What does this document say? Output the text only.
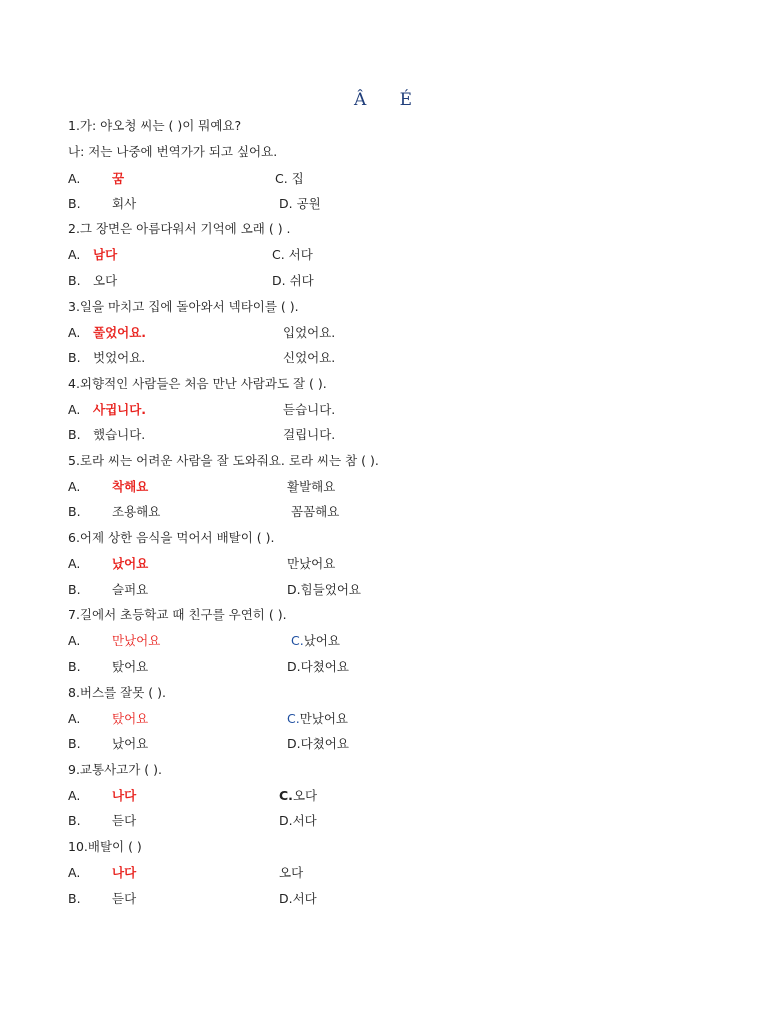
Â É
1.가: 야오청 씨는 ( )이 뭐예요?
나: 저는 나중에 번역가가 되고 싶어요.
A.	꿈	C. 집
B.	회사	D. 공원
2.그 장면은 아름다워서 기억에 오래 ( ) .
A. 남다	C. 서다
B. 오다	D. 쉬다
3.일을 마치고 집에 돌아와서 넥타이를 ( ).
A. 풀었어요.	입었어요.
B. 벗었어요.	신었어요.
4.외향적인 사람들은 처음 만난 사람과도 잘 ( ).
A. 사귑니다.	듣습니다.
B. 했습니다.	걸립니다.
5.로라 씨는 어려운 사람을 잘 도와줘요. 로라 씨는 참 ( ).
A.	착해요	활발해요
B.	조용해요	꼼꼼해요
6.어제 상한 음식을 먹어서 배탈이 ( ).
A.	났어요	만났어요
B.	슬퍼요	D.힘들었어요
7.길에서 초등학교 때 친구를 우연히 ( ).
A.	만났어요	C.났어요
B.	탔어요	D.다쳤어요
8.버스를 잘못 ( ).
A.	탔어요	C.만났어요
B.	났어요	D.다쳤어요
9.교통사고가 ( ).
A.	나다	C.오다
B.	듣다	D.서다
10.배탈이 ( )
A.	나다	오다
B.	듣다	D.서다
